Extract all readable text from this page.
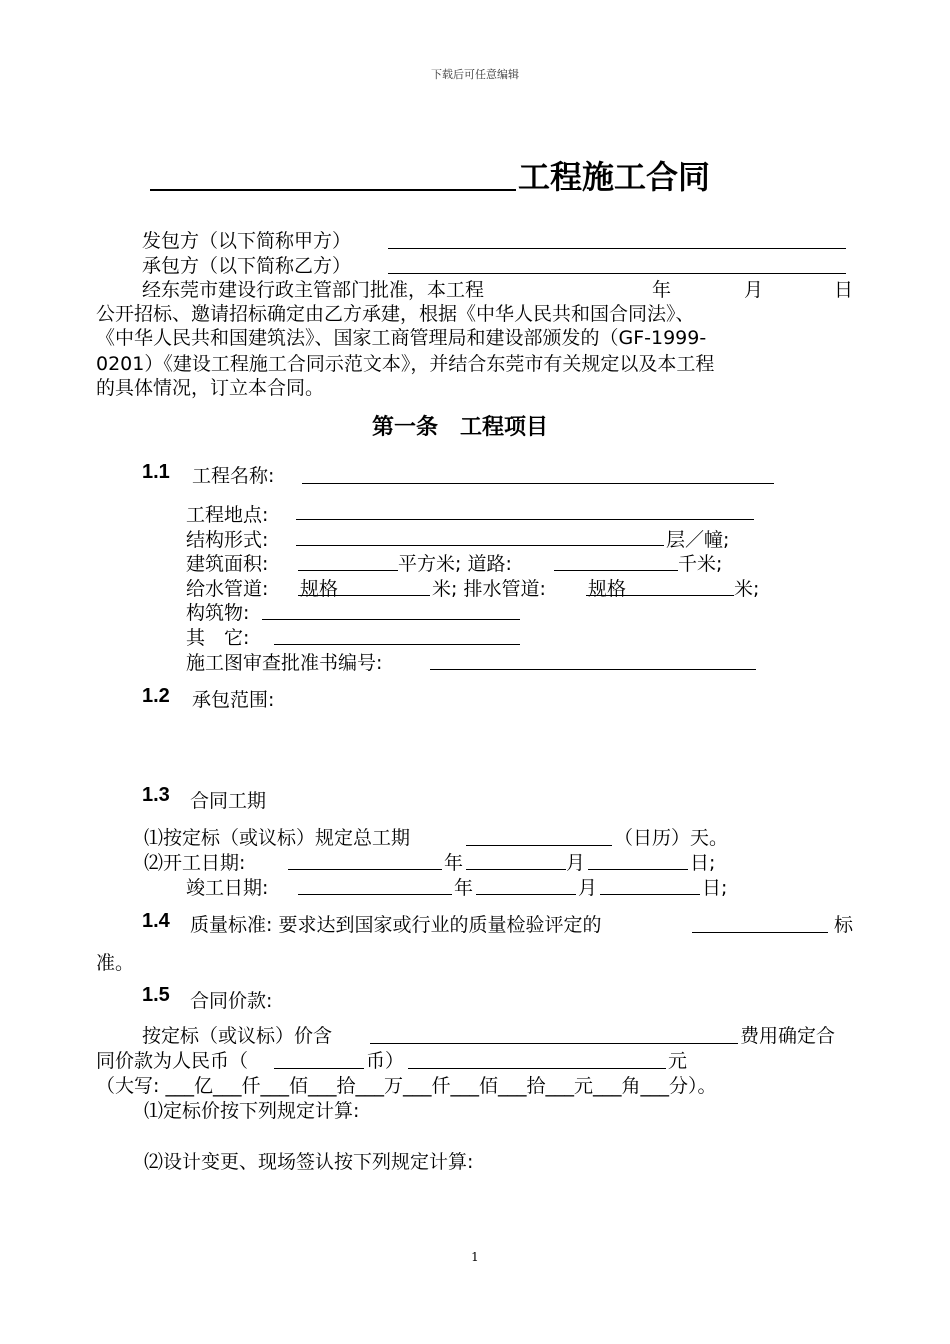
下载后可任意编辑
工程施工合同
发包方（以下简称甲方）
承包方（以下简称乙方）
经东莞市建设行政主管部门批准，本工程	年	月	日
公开招标、邀请招标确定由乙方承建，根据《中华人民共和国合同法》、
《中华人民共和国建筑法》、国家工商管理局和建设部颁发的（GF-1999-
0201）《建设工程施工合同示范文本》，并结合东莞市有关规定以及本工程
的具体情况，订立本合同。
第一条　工程项目
1.1 工程名称:
工程地点:
结构形式:	层／幢;
建筑面积:	平方米; 道路:	千米;
给水管道: 规格	米; 排水管道: 规格	米;
构筑物:
其　它:
施工图审查批准书编号:
1.2 承包范围:
1.3 合同工期
⑴按定标（或议标）规定总工期	（日历）天。
⑵开工日期:	年	月	日;
竣工日期:	年	月	日;
1.4 质量标准: 要求达到国家或行业的质量检验评定的	标
准。
1.5 合同价款:
按定标（或议标）价含	费用确定合
同价款为人民币（	币）	元
（大写: ___亿___仟___佰___拾___万___仟___佰___拾___元___角___分）。
⑴定标价按下列规定计算:
⑵设计变更、现场签认按下列规定计算:
1
